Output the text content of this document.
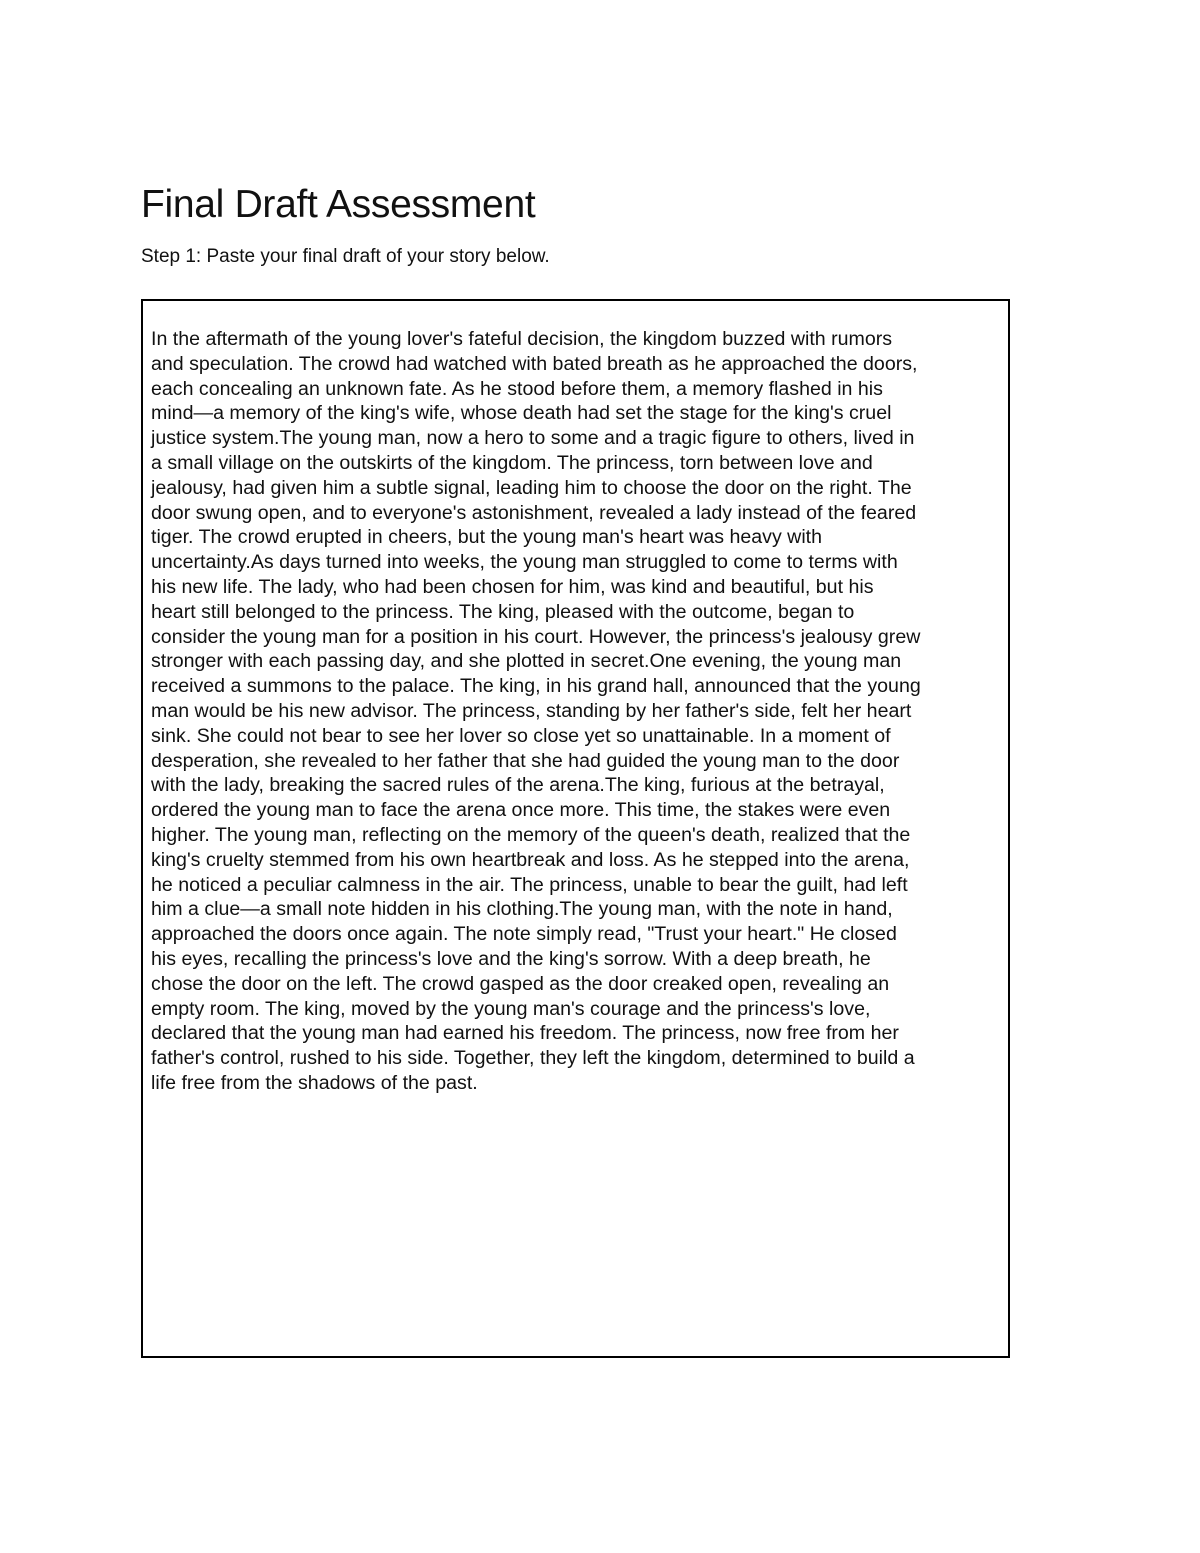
Final Draft Assessment

Step 1: Paste your final draft of your story below.

In the aftermath of the young lover's fateful decision, the kingdom buzzed with rumors
and speculation. The crowd had watched with bated breath as he approached the doors,
each concealing an unknown fate. As he stood before them, a memory flashed in his
mind—a memory of the king's wife, whose death had set the stage for the king's cruel
justice system.The young man, now a hero to some and a tragic figure to others, lived in
a small village on the outskirts of the kingdom. The princess, torn between love and
jealousy, had given him a subtle signal, leading him to choose the door on the right. The
door swung open, and to everyone's astonishment, revealed a lady instead of the feared
tiger. The crowd erupted in cheers, but the young man's heart was heavy with
uncertainty.As days turned into weeks, the young man struggled to come to terms with
his new life. The lady, who had been chosen for him, was kind and beautiful, but his
heart still belonged to the princess. The king, pleased with the outcome, began to
consider the young man for a position in his court. However, the princess's jealousy grew
stronger with each passing day, and she plotted in secret.One evening, the young man
received a summons to the palace. The king, in his grand hall, announced that the young
man would be his new advisor. The princess, standing by her father's side, felt her heart
sink. She could not bear to see her lover so close yet so unattainable. In a moment of
desperation, she revealed to her father that she had guided the young man to the door
with the lady, breaking the sacred rules of the arena.The king, furious at the betrayal,
ordered the young man to face the arena once more. This time, the stakes were even
higher. The young man, reflecting on the memory of the queen's death, realized that the
king's cruelty stemmed from his own heartbreak and loss. As he stepped into the arena,
he noticed a peculiar calmness in the air. The princess, unable to bear the guilt, had left
him a clue—a small note hidden in his clothing.The young man, with the note in hand,
approached the doors once again. The note simply read, "Trust your heart." He closed
his eyes, recalling the princess's love and the king's sorrow. With a deep breath, he
chose the door on the left. The crowd gasped as the door creaked open, revealing an
empty room. The king, moved by the young man's courage and the princess's love,
declared that the young man had earned his freedom. The princess, now free from her
father's control, rushed to his side. Together, they left the kingdom, determined to build a
life free from the shadows of the past.
